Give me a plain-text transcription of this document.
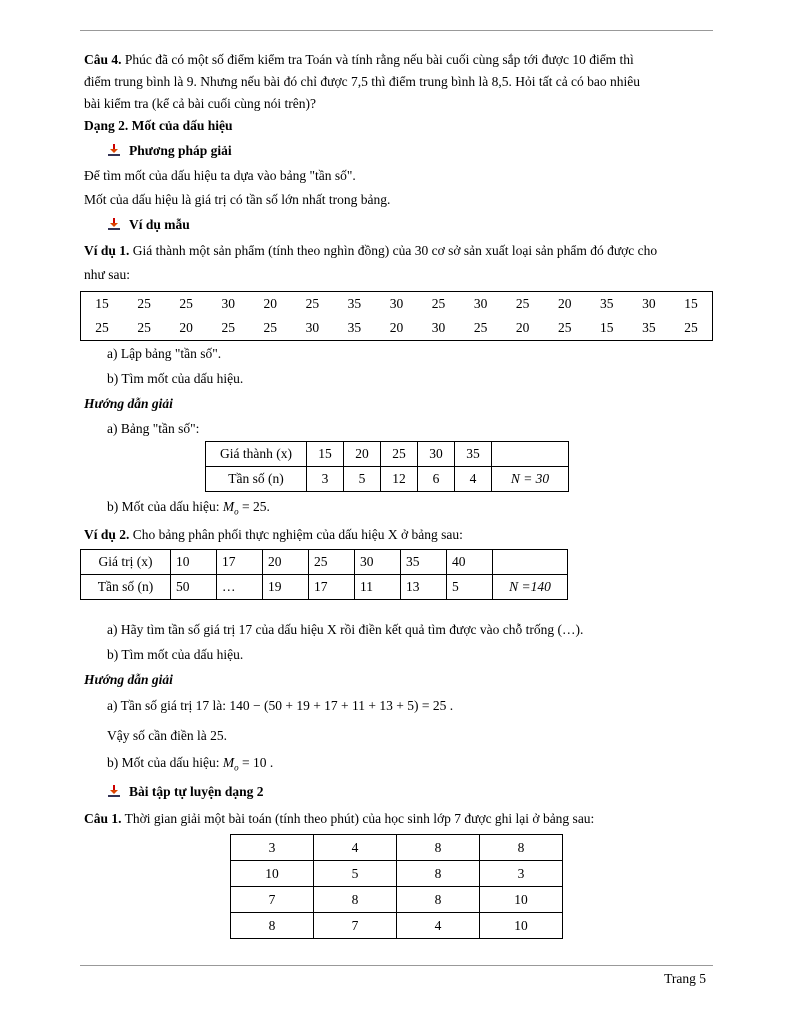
Câu 4. Phúc đã có một số điểm kiểm tra Toán và tính rằng nếu bài cuối cùng sắp tới được 10 điểm thì
điểm trung bình là 9. Nhưng nếu bài đó chỉ được 7,5 thì điểm trung bình là 8,5. Hỏi tất cả có bao nhiêu
bài kiểm tra (kể cả bài cuối cùng nói trên)?
Dạng 2. Mốt của dấu hiệu
Phương pháp giải
Để tìm mốt của dấu hiệu ta dựa vào bảng "tần số".
Mốt của dấu hiệu là giá trị có tần số lớn nhất trong bảng.
Ví dụ mẫu
Ví dụ 1. Giá thành một sản phẩm (tính theo nghìn đồng) của 30 cơ sở sản xuất loại sản phẩm đó được cho
như sau:
15	25	25	30	20	25	35	30	25	30	25	20	35	30	15
25	25	20	25	25	30	35	20	30	25	20	25	15	35	25
a) Lập bảng "tần số".
b) Tìm mốt của dấu hiệu.
Hướng dẫn giải
a) Bảng "tần số":
Giá thành (x)	15	20	25	30	35	
Tần số (n)	3	5	12	6	4	N = 30
b) Mốt của dấu hiệu: $M_o = 25$.
Ví dụ 2. Cho bảng phân phối thực nghiệm của dấu hiệu X ở bảng sau:
Giá trị (x)	10	17	20	25	30	35	40	
Tần số (n)	50	…	19	17	11	13	5	N =140
a) Hãy tìm tần số giá trị 17 của dấu hiệu X rồi điền kết quả tìm được vào chỗ trống (…).
b) Tìm mốt của dấu hiệu.
Hướng dẫn giải
a) Tần số giá trị 17 là: 140 − (50 + 19 + 17 + 11 + 13 + 5) = 25 .
Vậy số cần điền là 25.
b) Mốt của dấu hiệu: $M_o = 10$ .
Bài tập tự luyện dạng 2
Câu 1. Thời gian giải một bài toán (tính theo phút) của học sinh lớp 7 được ghi lại ở bảng sau:
3	4	8	8
10	5	8	3
7	8	8	10
8	7	4	10
Trang 5
